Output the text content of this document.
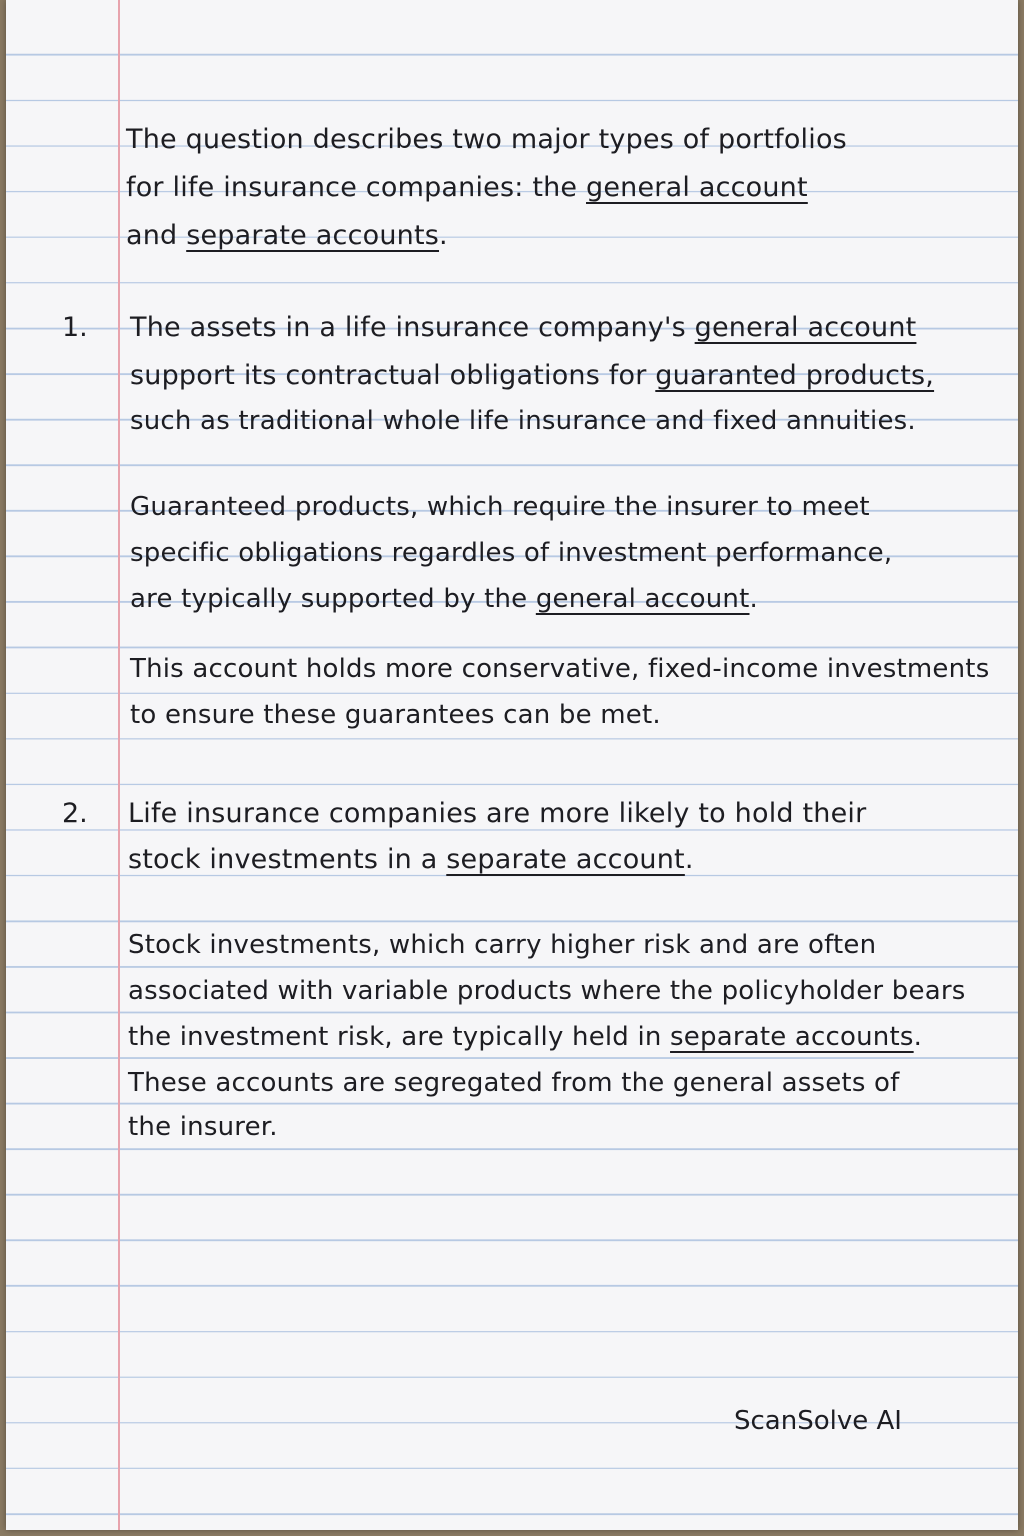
The question describes two major types of portfolios
for life insurance companies: the general account
and separate accounts.
1. The assets in a life insurance company's general account
support its contractual obligations for guaranted products,
such as traditional whole life insurance and fixed annuities.
Guaranteed products, which require the insurer to meet
specific obligations regardles of investment performance,
are typically supported by the general account.
This account holds more conservative, fixed-income investments
to ensure these guarantees can be met.
2. Life insurance companies are more likely to hold their
stock investments in a separate account.
Stock investments, which carry higher risk and are often
associated with variable products where the policyholder bears
the investment risk, are typically held in separate accounts.
These accounts are segregated from the general assets of
the insurer.
ScanSolve AI
